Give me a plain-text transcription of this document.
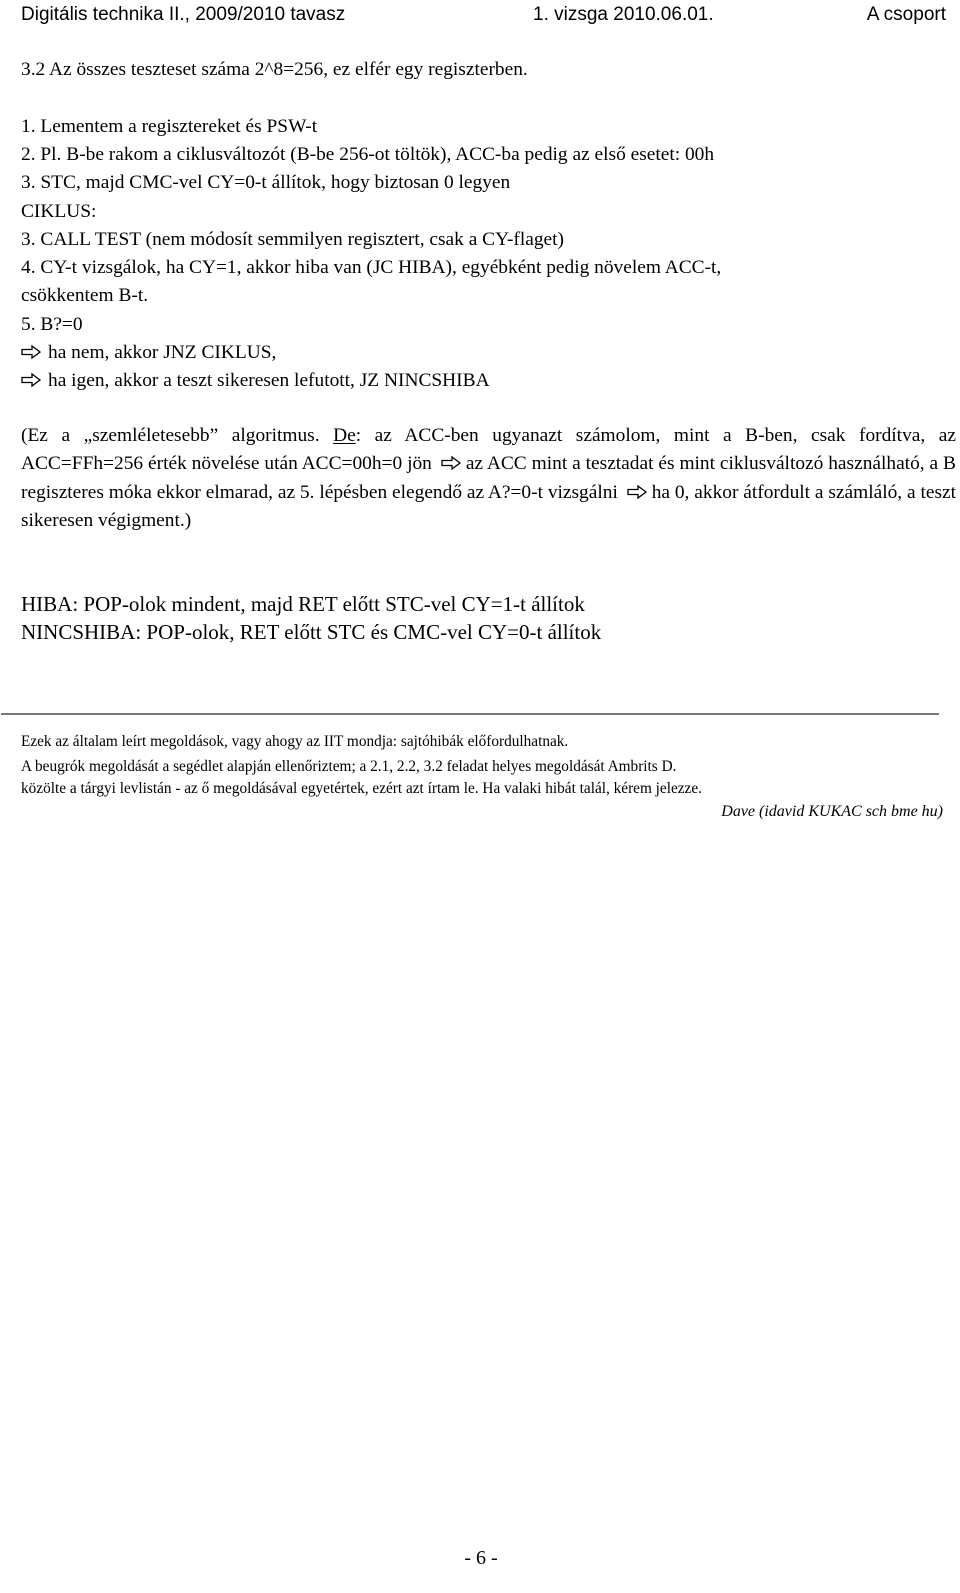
Digitális technika II., 2009/2010 tavasz	1. vizsga 2010.06.01.	A csoport
3.2 Az összes teszteset száma 2^8=256, ez elfér egy regiszterben.
1. Lementem a regisztereket és PSW-t
2. Pl. B-be rakom a ciklusváltozót (B-be 256-ot töltök), ACC-ba pedig az első esetet: 00h
3. STC, majd CMC-vel CY=0-t állítok, hogy biztosan 0 legyen
CIKLUS:
3. CALL TEST (nem módosít semmilyen regisztert, csak a CY-flaget)
4. CY-t vizsgálok, ha CY=1, akkor hiba van (JC HIBA), egyébként pedig növelem ACC-t,
csökkentem B-t.
5. B?=0
ha nem, akkor JNZ CIKLUS,
ha igen, akkor a teszt sikeresen lefutott, JZ NINCSHIBA
(Ez a „szemléletesebb” algoritmus. De: az ACC-ben ugyanazt számolom, mint a B-ben, csak fordítva, az ACC=FFh=256 érték növelése után ACC=00h=0 jön az ACC mint a tesztadat és mint ciklusváltozó használható, a B regiszteres móka ekkor elmarad, az 5. lépésben elegendő az A?=0-t vizsgálni ha 0, akkor átfordult a számláló, a teszt sikeresen végigment.)
HIBA: POP-olok mindent, majd RET előtt STC-vel CY=1-t állítok
NINCSHIBA: POP-olok, RET előtt STC és CMC-vel CY=0-t állítok
Ezek az általam leírt megoldások, vagy ahogy az IIT mondja: sajtóhibák előfordulhatnak.
A beugrók megoldását a segédlet alapján ellenőriztem; a 2.1, 2.2, 3.2 feladat helyes megoldását Ambrits D.
közölte a tárgyi levlistán - az ő megoldásával egyetértek, ezért azt írtam le. Ha valaki hibát talál, kérem jelezze.
Dave (idavid KUKAC sch bme hu)
- 6 -
